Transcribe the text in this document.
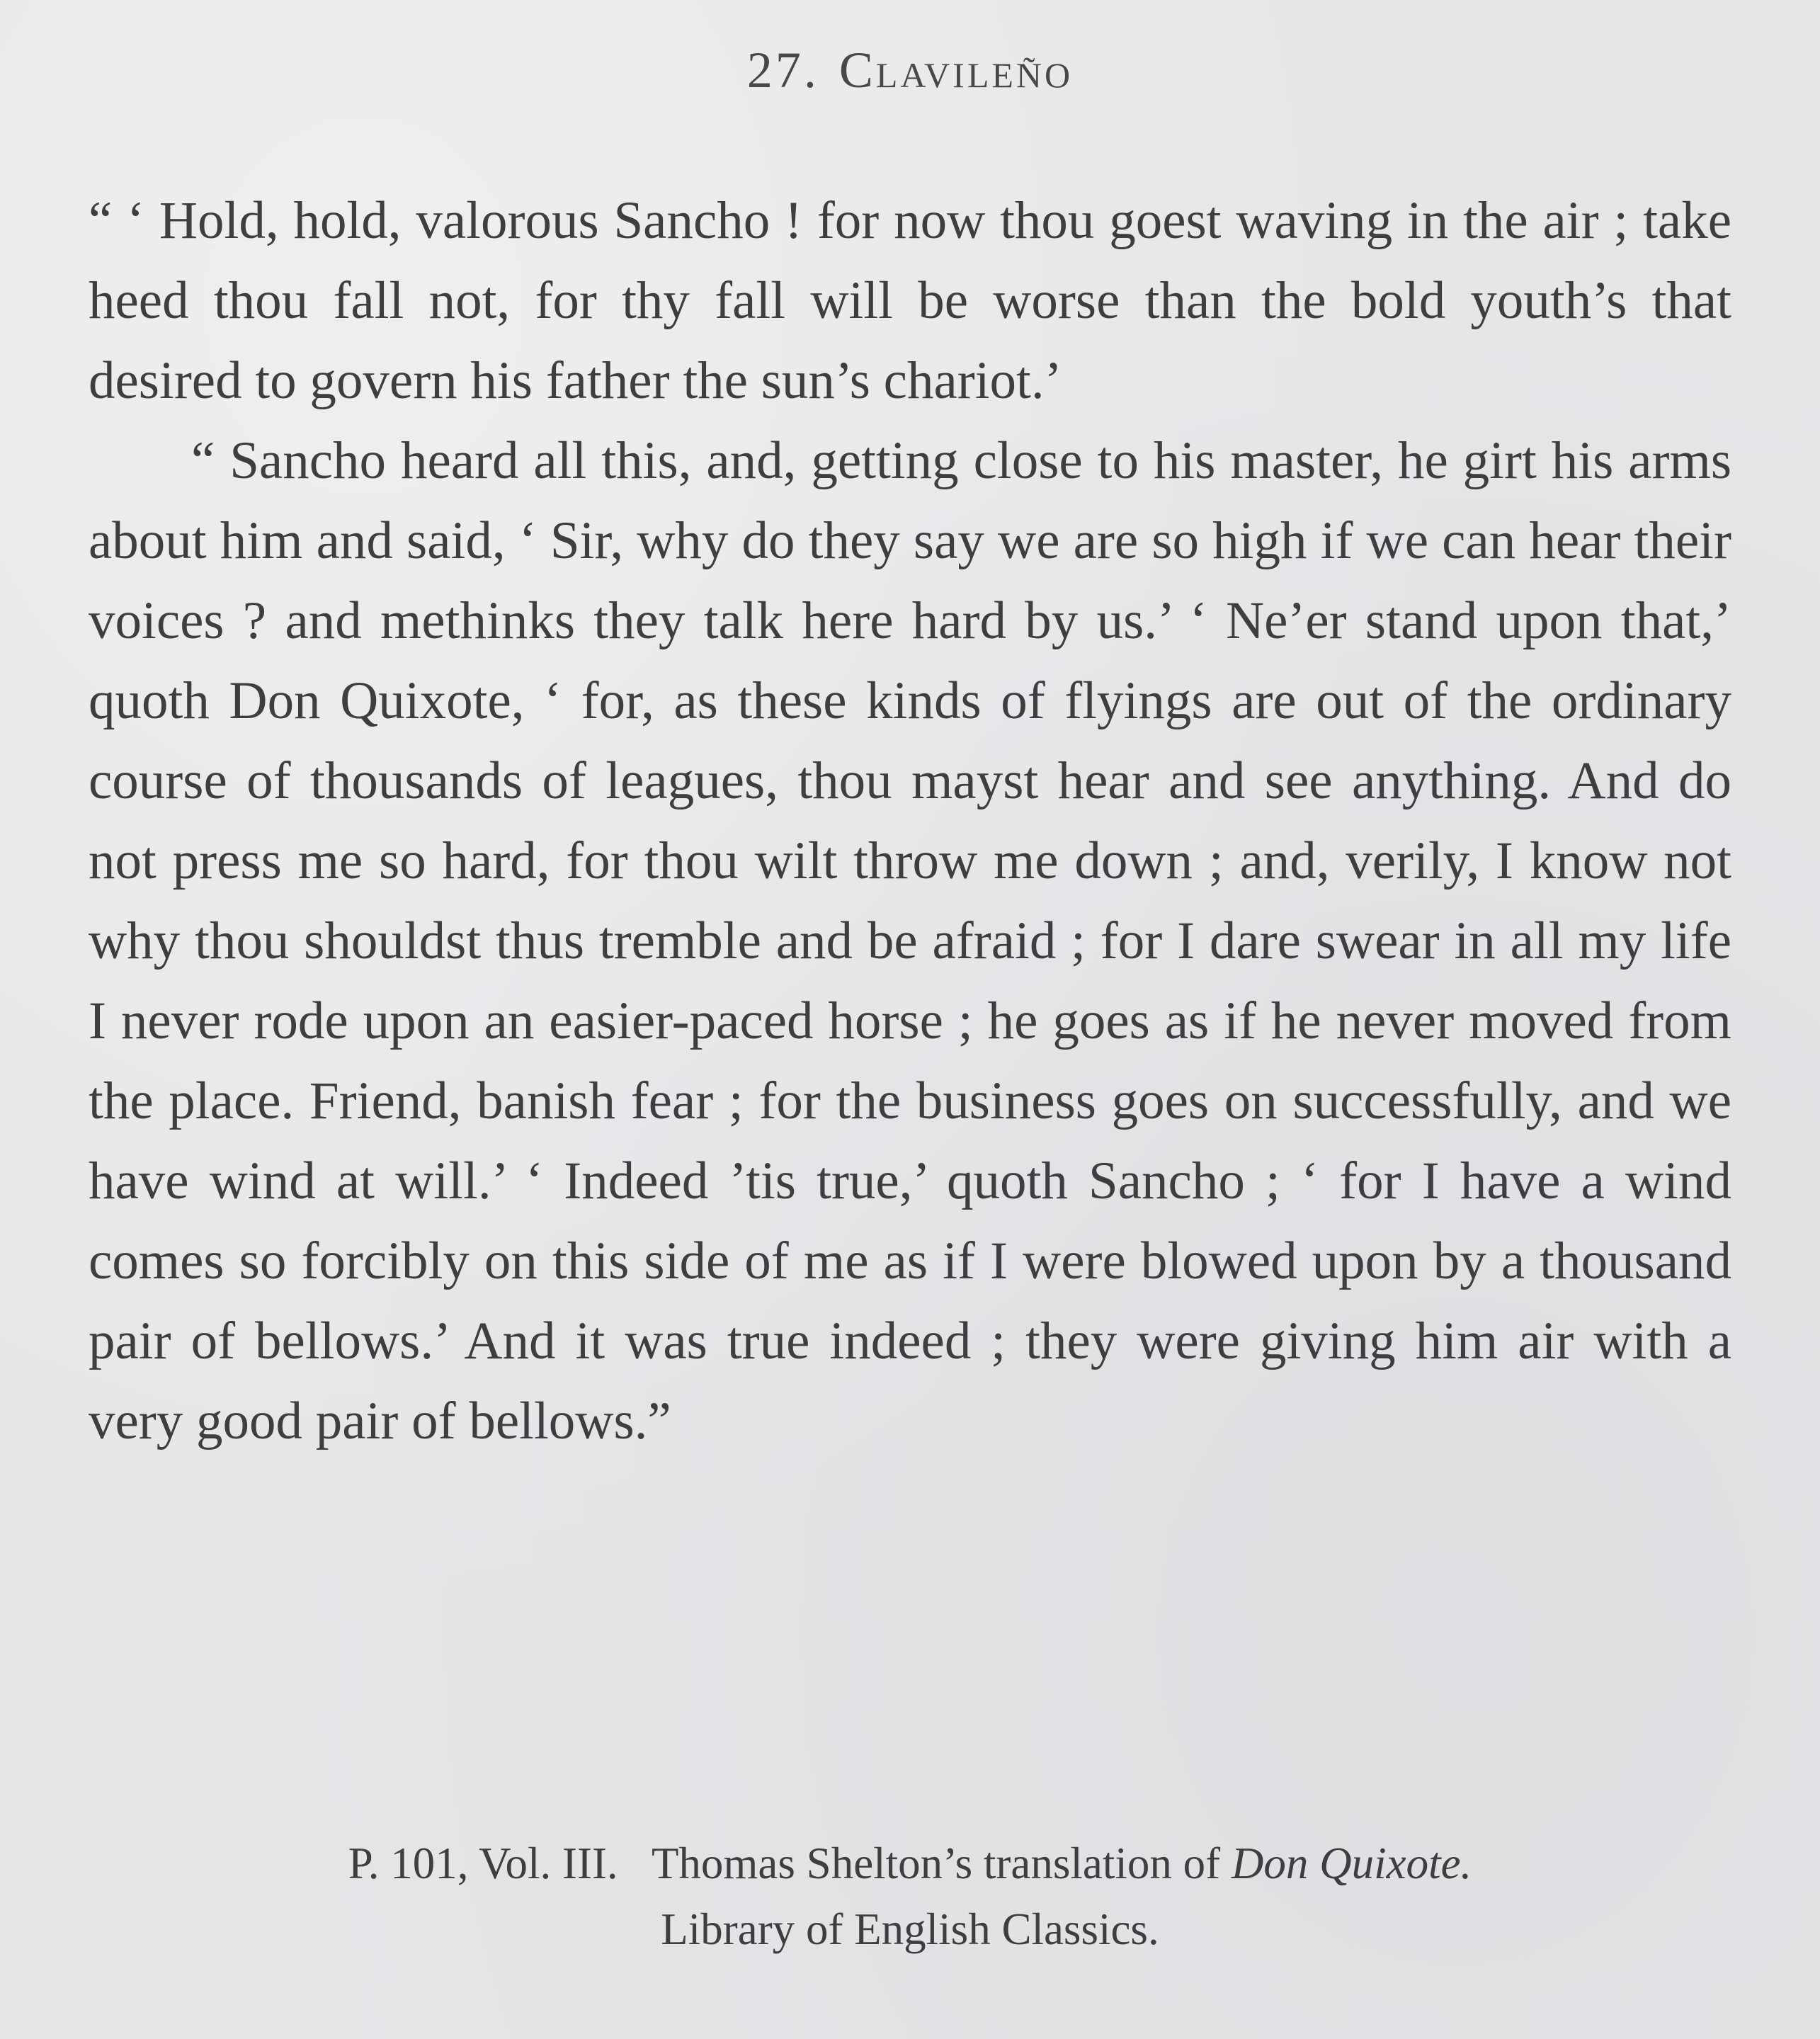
27. Clavileño

“ ‘ Hold, hold, valorous Sancho ! for now thou goest waving in the air ; take heed thou fall not, for thy fall will be worse than the bold youth’s that desired to govern his father the sun’s chariot.’

“ Sancho heard all this, and, getting close to his master, he girt his arms about him and said, ‘ Sir, why do they say we are so high if we can hear their voices ? and methinks they talk here hard by us.’ ‘ Ne’er stand upon that,’ quoth Don Quixote, ‘ for, as these kinds of flyings are out of the ordinary course of thousands of leagues, thou mayst hear and see anything. And do not press me so hard, for thou wilt throw me down ; and, verily, I know not why thou shouldst thus tremble and be afraid ; for I dare swear in all my life I never rode upon an easier-paced horse ; he goes as if he never moved from the place. Friend, banish fear ; for the business goes on successfully, and we have wind at will.’ ‘ Indeed ’tis true,’ quoth Sancho ; ‘ for I have a wind comes so forcibly on this side of me as if I were blowed upon by a thousand pair of bellows.’ And it was true indeed ; they were giving him air with a very good pair of bellows.”

P. 101, Vol. III. Thomas Shelton’s translation of Don Quixote.
Library of English Classics.
